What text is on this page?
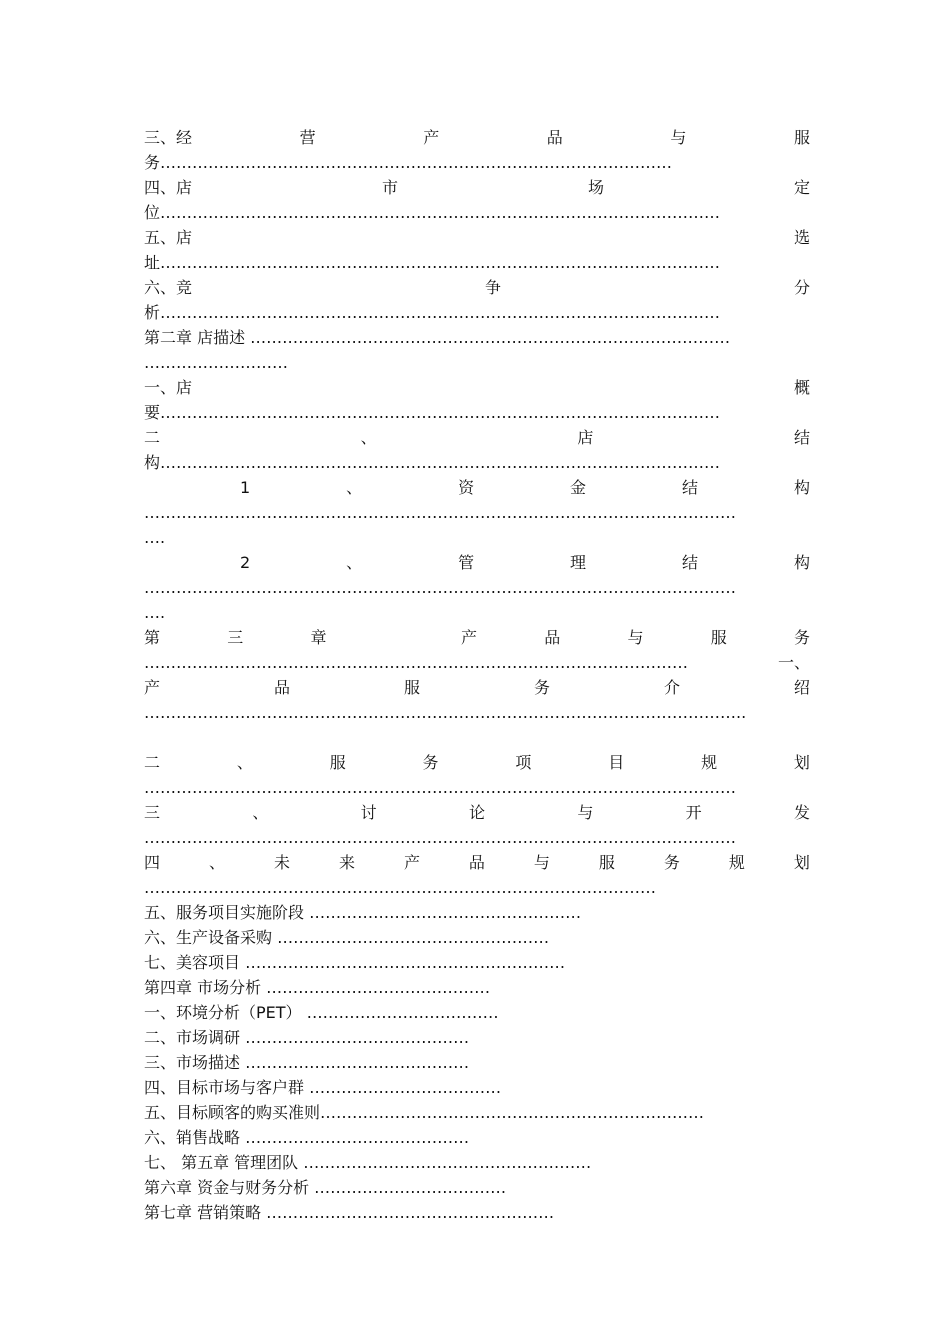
三、经	营	产	品	与	服
务……………………………………………………………………………………
四、店	市	场	定
位……………………………………………………………………………………………
五、店	选
址……………………………………………………………………………………………
六、竞	争	分
析……………………………………………………………………………………………
第二章 店描述 ………………………………………………………………………………
………………………
一、店	概
要……………………………………………………………………………………………
二	、	店	结
构……………………………………………………………………………………………
1	、	资	金	结	构
…………………………………………………………………………………………………
….
2	、	管	理	结	构
…………………………………………………………………………………………………
….
第	三	章	产	品	与	服	务
…………………………………………………………………………………………	一、
产	品	服	务	介	绍
…………………………………………………………………………………………………..
二	、	服	务	项	目	规	划
…………………………………………………………………………………………………
三	、	讨	论	与	开	发
…………………………………………………………………………………………………
四	、	未	来	产	品	与	服	务	规	划
……………………………………………………………………………………
五、服务项目实施阶段 ……………………………………………
六、生产设备采购 ……………………………………………
七、美容项目 ……………………………………………………
第四章 市场分析 ……………………………………
一、环境分析（PET） ………………………………
二、市场调研 ……………………………………
三、市场描述 ……………………………………
四、目标市场与客户群 ………………………………
五、目标顾客的购买准则………………………………………………………………
六、销售战略 ……………………………………
七、 第五章 管理团队 ………………………………………………
第六章 资金与财务分析 ………………………………
第七章 营销策略 ………………………………………………
